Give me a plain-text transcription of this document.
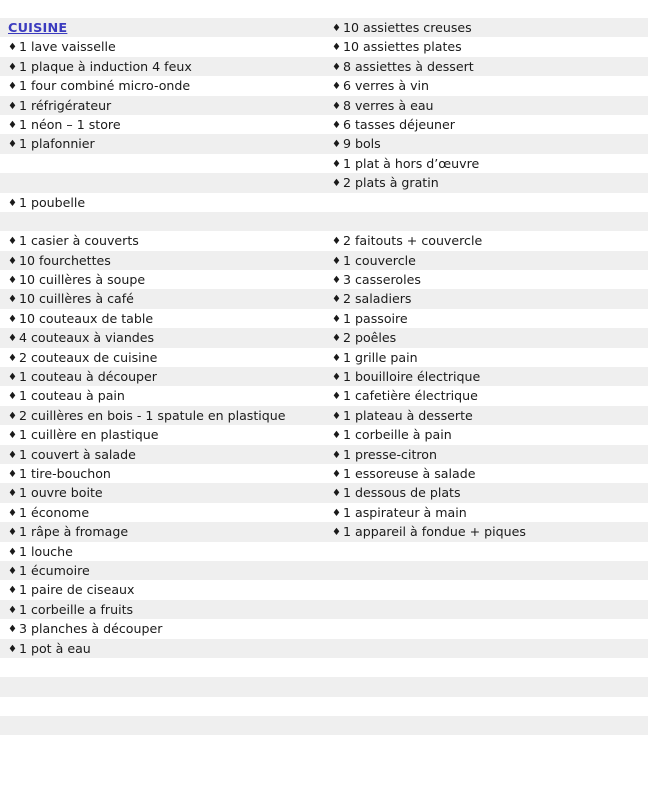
CUISINE	♦ 10 assiettes creuses

♦ 1 lave vaisselle	♦ 10 assiettes plates

♦ 1 plaque à induction 4 feux	♦ 8 assiettes à dessert

♦ 1 four combiné micro-onde	♦ 6 verres à vin

♦ 1 réfrigérateur	♦ 8 verres à eau

♦ 1 néon – 1 store	♦ 6 tasses déjeuner

♦ 1 plafonnier	♦ 9 bols

	♦ 1 plat à hors d’œuvre

	♦ 2 plats à gratin

♦ 1 poubelle	

♦ 1 casier à couverts	♦ 2 faitouts + couvercle

♦ 10 fourchettes	♦ 1 couvercle

♦ 10 cuillères à soupe	♦ 3 casseroles

♦ 10 cuillères à café	♦ 2 saladiers

♦ 10 couteaux de table	♦ 1 passoire

♦ 4 couteaux à viandes	♦ 2 poêles

♦ 2 couteaux de cuisine	♦ 1 grille pain

♦ 1 couteau à découper	♦ 1 bouilloire électrique

♦ 1 couteau à pain	♦ 1 cafetière électrique

♦ 2 cuillères en bois - 1 spatule en plastique	♦ 1 plateau à desserte

♦ 1 cuillère en plastique	♦ 1 corbeille à pain

♦ 1 couvert à salade	♦ 1 presse-citron

♦ 1 tire-bouchon	♦ 1 essoreuse à salade

♦ 1 ouvre boite	♦ 1 dessous de plats

♦ 1 économe	♦ 1 aspirateur à main

♦ 1 râpe à fromage	♦ 1 appareil à fondue + piques

♦ 1 louche	

♦ 1 écumoire	

♦ 1 paire de ciseaux	

♦ 1 corbeille a fruits	

♦ 3 planches à découper	

♦ 1 pot à eau	
